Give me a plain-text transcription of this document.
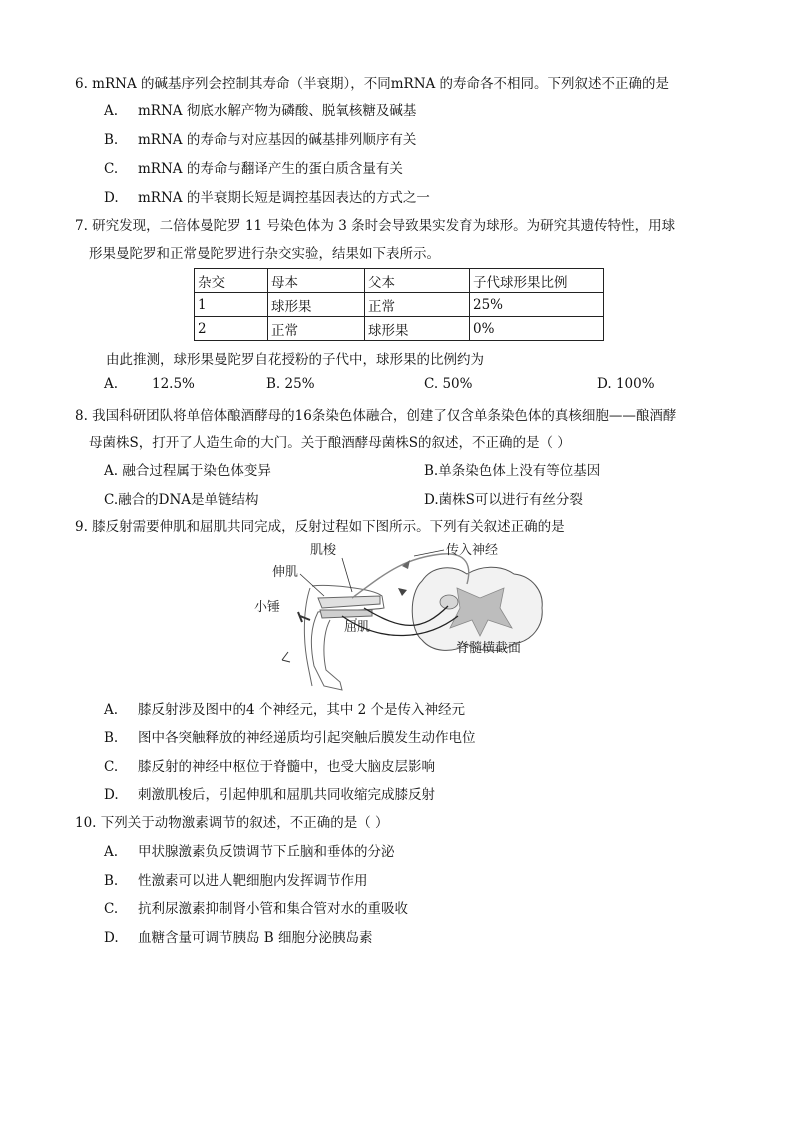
6. mRNA 的碱基序列会控制其寿命（半衰期），不同mRNA 的寿命各不相同。下列叙述不正确的是
A. mRNA 彻底水解产物为磷酸、脱氧核糖及碱基
B. mRNA 的寿命与对应基因的碱基排列顺序有关
C. mRNA 的寿命与翻译产生的蛋白质含量有关
D. mRNA 的半衰期长短是调控基因表达的方式之一
7. 研究发现，二倍体曼陀罗 11 号染色体为 3 条时会导致果实发育为球形。为研究其遗传特性，用球
形果曼陀罗和正常曼陀罗进行杂交实验，结果如下表所示。
杂交	母本	父本	子代球形果比例
1	球形果	正常	25%
2	正常	球形果	0%
由此推测，球形果曼陀罗自花授粉的子代中，球形果的比例约为
A.	12.5%	B. 25%	C. 50%	D. 100%
8. 我国科研团队将单倍体酿酒酵母的16条染色体融合，创建了仅含单条染色体的真核细胞——酿酒酵
母菌株S，打开了人造生命的大门。关于酿酒酵母菌株S的叙述，不正确的是（ ）
A. 融合过程属于染色体变异	B.单条染色体上没有等位基因
C.融合的DNA是单链结构	D.菌株S可以进行有丝分裂
9. 膝反射需要伸肌和屈肌共同完成，反射过程如下图所示。下列有关叙述正确的是
肌梭	传入神经
伸肌
小锤
屈肌
脊髓横截面
A. 膝反射涉及图中的4 个神经元，其中 2 个是传入神经元
B. 图中各突触释放的神经递质均引起突触后膜发生动作电位
C. 膝反射的神经中枢位于脊髓中，也受大脑皮层影响
D. 刺激肌梭后，引起伸肌和屈肌共同收缩完成膝反射
10. 下列关于动物激素调节的叙述，不正确的是（ ）
A. 甲状腺激素负反馈调节下丘脑和垂体的分泌
B. 性激素可以进人靶细胞内发挥调节作用
C. 抗利尿激素抑制肾小管和集合管对水的重吸收
D. 血糖含量可调节胰岛 B 细胞分泌胰岛素
